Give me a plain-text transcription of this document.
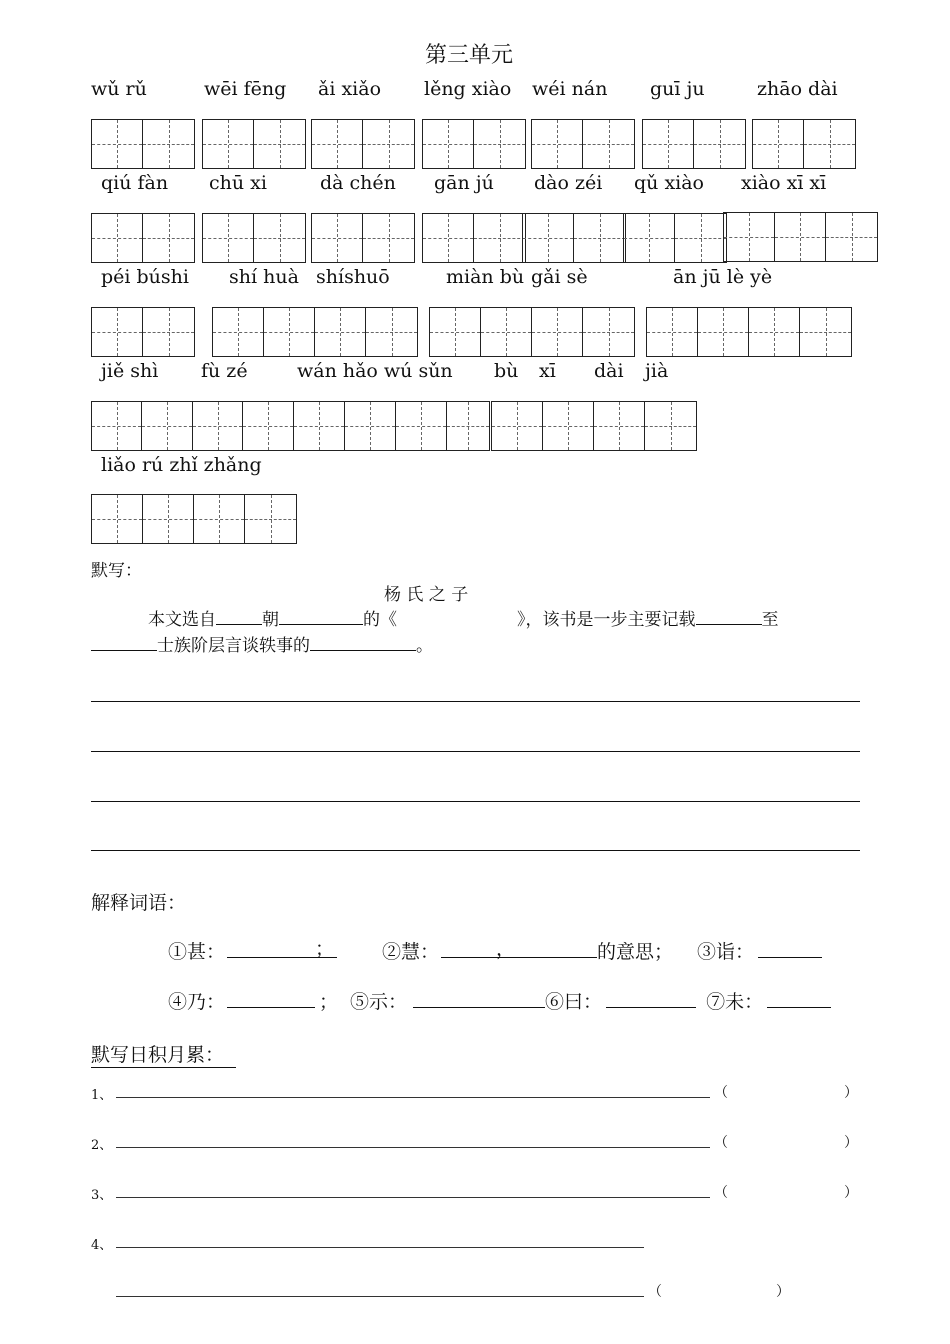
第三单元
wǔ rǔ	wēi fēng ǎi xiǎo lěng xiào wéi nán guī ju	zhāo dài
qiú fàn chū xi	dà chén gān jú dào zéi qǔ xiào xiào xī xī
péi búshi shí huà shíshuō	miàn bù gǎi sè	ān jū lè yè
jiě shì fù zé	wán hǎo wú sǔn bù xī dài jià
liǎo rú zhǐ zhǎng
默写：
杨 氏 之 子
本文选自	朝	的《	》，该书是一步主要记载	至
士族阶层言谈轶事的	。
解释词语：
①甚：	；	②慧：	，	的意思； ③诣：
④乃：	； ⑤示：	⑥曰：	⑦未：
默写日积月累：
1、	（	）
2、	（	）
3、	（	）
4、
（	）
